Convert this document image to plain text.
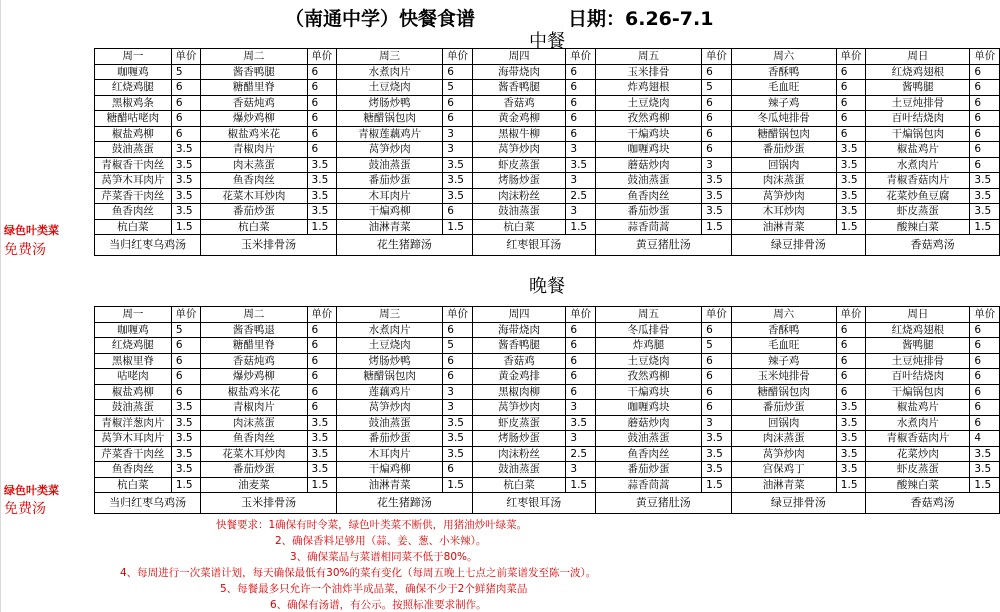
（南通中学）快餐食谱	日期：6.26-7.1
中餐
周一	单价	周二	单价	周三	单价	周四	单价	周五	单价	周六	单价	周日	单价
咖喱鸡	5	酱香鸭腿	6	水煮肉片	6	海带烧肉	6	玉米排骨	6	香酥鸭	6	红烧鸡翅根	6
红烧鸡腿	6	糖醋里脊	6	土豆烧肉	5	酱香鸭腿	6	炸鸡翅根	5	毛血旺	6	酱鸭腿	6
黑椒鸡条	6	香菇炖鸡	6	烤肠炒鸭	6	香菇鸡	6	土豆烧肉	6	辣子鸡	6	土豆炖排骨	6
糖醋咕咾肉	6	爆炒鸡柳	6	糖醋锅包肉	6	黄金鸡柳	6	孜然鸡柳	6	冬瓜炖排骨	6	百叶结烧肉	6
椒盐鸡柳	6	椒盐鸡米花	6	青椒莲藕鸡片	3	黑椒牛柳	6	干煸鸡块	6	糖醋锅包肉	6	干煸锅包肉	6
鼓油蒸蛋	3.5	青椒肉片	6	莴笋炒肉	3	莴笋炒肉	3	咖喱鸡块	6	番茄炒蛋	3.5	椒盐鸡片	6
青椒香干肉丝	3.5	肉末蒸蛋	3.5	鼓油蒸蛋	3.5	虾皮蒸蛋	3.5	蘑菇炒肉	3	回锅肉	3.5	水煮肉片	6
莴笋木耳肉片	3.5	鱼香肉丝	3.5	番茄炒蛋	3.5	烤肠炒蛋	3	鼓油蒸蛋	3.5	肉沫蒸蛋	3.5	青椒香菇肉片	3.5
芹菜香干肉丝	3.5	花菜木耳炒肉	3.5	木耳肉片	3.5	肉沫粉丝	2.5	鱼香肉丝	3.5	莴笋炒肉	3.5	花菜炒鱼豆腐	3.5
鱼香肉丝	3.5	番茄炒蛋	3.5	干煸鸡柳	6	鼓油蒸蛋	3	番茄炒蛋	3.5	木耳炒肉	3.5	虾皮蒸蛋	3.5
杭白菜	1.5	杭白菜	1.5	油淋青菜	1.5	杭白菜	1.5	蒜香茼蒿	1.5	油淋青菜	1.5	酸辣白菜	1.5
当归红枣乌鸡汤		玉米排骨汤		花生猪蹄汤		红枣银耳汤		黄豆猪肚汤		绿豆排骨汤		香菇鸡汤	
绿色叶类菜
免费汤
晚餐
周一	单价	周二	单价	周三	单价	周四	单价	周五	单价	周六	单价	周日	单价
咖喱鸡	5	酱香鸭退	6	水煮肉片	6	海带烧肉	6	冬瓜排骨	6	香酥鸭	6	红烧鸡翅根	6
红烧鸡腿	6	糖醋里脊	6	土豆烧肉	5	酱香鸭腿	6	炸鸡腿	5	毛血旺	6	酱鸭腿	6
黑椒里脊	6	香菇炖鸡	6	烤肠炒鸭	6	香菇鸡	6	土豆烧肉	6	辣子鸡	6	土豆炖排骨	6
咕咾肉	6	爆炒鸡柳	6	糖醋锅包肉	6	黄金鸡排	6	孜然鸡柳	6	玉米炖排骨	6	百叶结烧肉	6
椒盐鸡柳	6	椒盐鸡米花	6	莲藕鸡片	3	黑椒肉柳	6	干煸鸡块	6	糖醋锅包肉	6	干煸锅包肉	6
鼓油蒸蛋	3.5	青椒肉片	6	莴笋炒肉	3	莴笋炒肉	3	咖喱鸡块	6	番茄炒蛋	3.5	椒盐鸡片	6
青椒洋葱肉片	3.5	肉沫蒸蛋	3.5	鼓油蒸蛋	3.5	虾皮蒸蛋	3.5	蘑菇炒肉	3	回锅肉	3.5	水煮肉片	6
莴笋木耳肉片	3.5	鱼香肉丝	3.5	番茄炒蛋	3.5	烤肠炒蛋	3	鼓油蒸蛋	3.5	肉沫蒸蛋	3.5	青椒香菇肉片	4
芹菜香干肉丝	3.5	花菜木耳炒肉	3.5	木耳肉片	3.5	肉沫粉丝	2.5	鱼香肉丝	3.5	莴笋炒肉	3.5	花菜炒肉	3.5
鱼香肉丝	3.5	番茄炒蛋	3.5	干煸鸡柳	6	鼓油蒸蛋	3	番茄炒蛋	3.5	宫保鸡丁	3.5	虾皮蒸蛋	3.5
杭白菜	1.5	油麦菜	1.5	油淋青菜	1.5	杭白菜	1.5	蒜香茼蒿	1.5	油淋青菜	1.5	酸辣白菜	1.5
当归红枣乌鸡汤		玉米排骨汤		花生猪蹄汤		红枣银耳汤		黄豆猪肚汤		绿豆排骨汤		香菇鸡汤	
绿色叶类菜
免费汤
快餐要求：1确保有时令菜，绿色叶类菜不断供，用猪油炒叶绿菜。
2、确保香料足够用（蒜、姜、葱、小米辣）。
3、确保菜品与菜谱相同菜不低于80%。
4、每周进行一次菜谱计划，每天确保最低有30%的菜有变化（每周五晚上七点之前菜谱发至陈一波）。
5、每餐最多只允许一个油炸半成品菜，确保不少于2个鲜猪肉菜品
6、确保有汤谱，有公示。按照标准要求制作。
